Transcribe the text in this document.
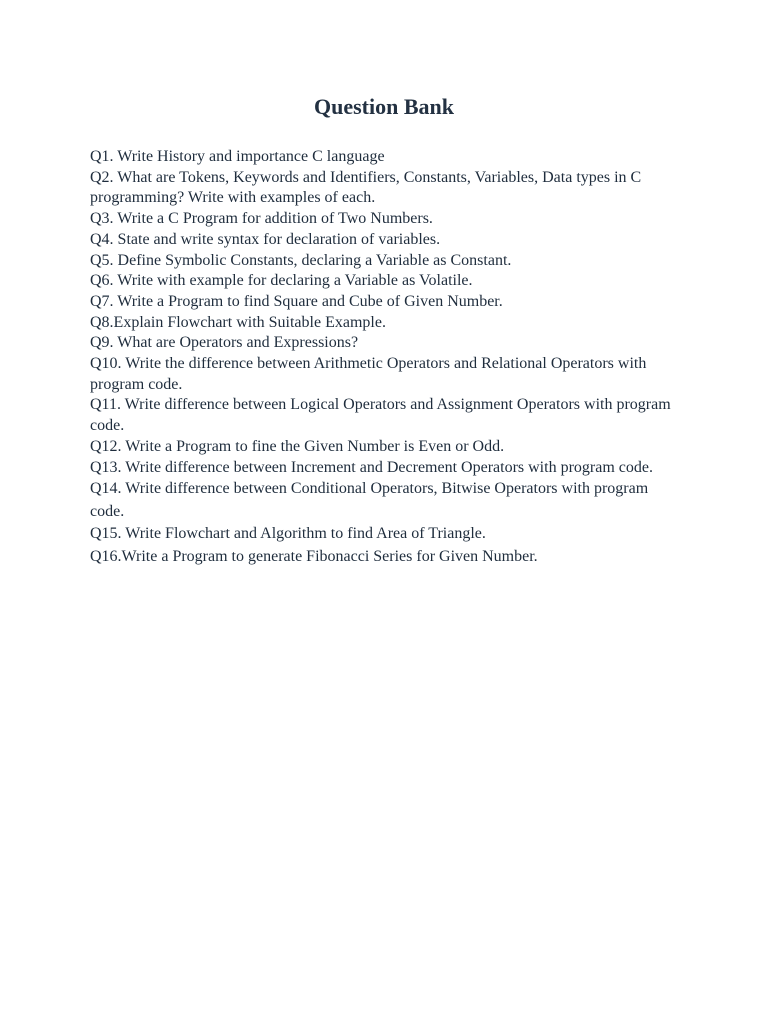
Question Bank
Q1. Write History and importance C language
Q2. What are Tokens, Keywords and Identifiers, Constants, Variables, Data types in C programming? Write with examples of each.
Q3. Write a C Program for addition of Two Numbers.
Q4. State and write syntax for declaration of variables.
Q5. Define Symbolic Constants, declaring a Variable as Constant.
Q6. Write with example for declaring a Variable as Volatile.
Q7. Write a Program to find Square and Cube of Given Number.
Q8.Explain Flowchart with Suitable Example.
Q9. What are Operators and Expressions?
Q10. Write the difference between Arithmetic Operators and Relational Operators with program code.
Q11. Write difference between Logical Operators and Assignment Operators with program code.
Q12. Write a Program to fine the Given Number is Even or Odd.
Q13. Write difference between Increment and Decrement Operators with program code.
Q14. Write difference between Conditional Operators, Bitwise Operators with program code.
Q15. Write Flowchart and Algorithm to find Area of Triangle.
Q16.Write a Program to generate Fibonacci Series for Given Number.
